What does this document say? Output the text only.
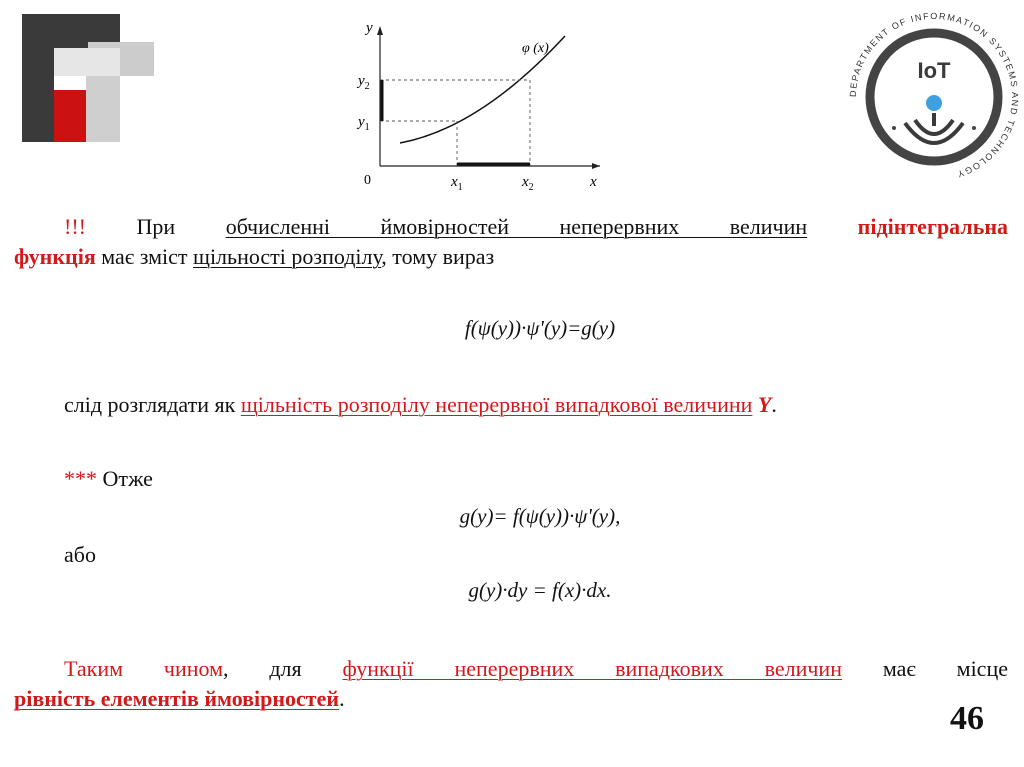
y
x
0
φ (x)
$y_2$
$y_1$
$x_1$	$x_2$
DEPARTMENT OF INFORMATION SYSTEMS AND TECHNOLOGY
IoT
!!! При обчисленні ймовірностей неперервних величин підінтегральна
функція має зміст щільності розподілу, тому вираз
f(ψ(y))·ψ'(y)=g(y)
слід розглядати як щільність розподілу неперервної випадкової величини Y.
*** Отже
g(y)= f(ψ(y))·ψ'(y),
або
g(y)·dy = f(x)·dx.
Таким чином, для функції неперервних випадкових величин має місце
рівність елементів ймовірностей.
46
